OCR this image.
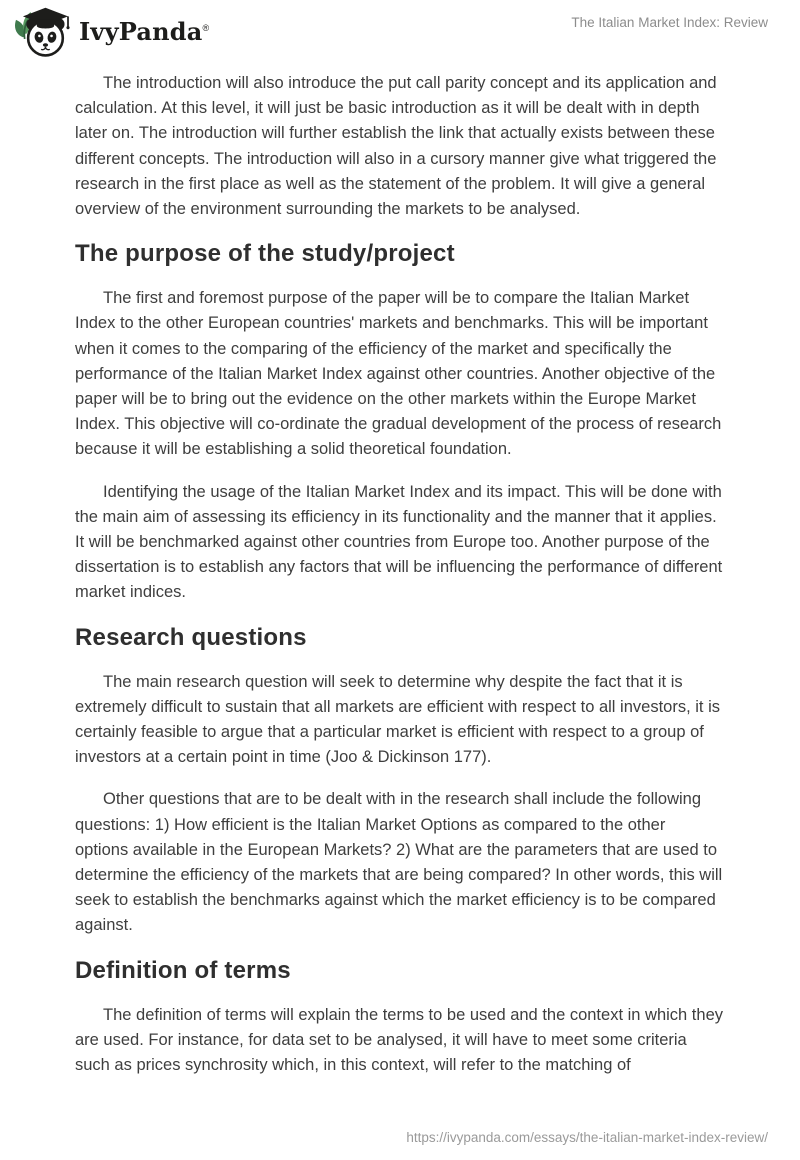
IvyPanda®	The Italian Market Index: Review

The introduction will also introduce the put call parity concept and its application and calculation. At this level, it will just be basic introduction as it will be dealt with in depth later on. The introduction will further establish the link that actually exists between these different concepts. The introduction will also in a cursory manner give what triggered the research in the first place as well as the statement of the problem. It will give a general overview of the environment surrounding the markets to be analysed.

The purpose of the study/project

The first and foremost purpose of the paper will be to compare the Italian Market Index to the other European countries' markets and benchmarks. This will be important when it comes to the comparing of the efficiency of the market and specifically the performance of the Italian Market Index against other countries. Another objective of the paper will be to bring out the evidence on the other markets within the Europe Market Index. This objective will co-ordinate the gradual development of the process of research because it will be establishing a solid theoretical foundation.

Identifying the usage of the Italian Market Index and its impact. This will be done with the main aim of assessing its efficiency in its functionality and the manner that it applies. It will be benchmarked against other countries from Europe too. Another purpose of the dissertation is to establish any factors that will be influencing the performance of different market indices.

Research questions

The main research question will seek to determine why despite the fact that it is extremely difficult to sustain that all markets are efficient with respect to all investors, it is certainly feasible to argue that a particular market is efficient with respect to a group of investors at a certain point in time (Joo & Dickinson 177).

Other questions that are to be dealt with in the research shall include the following questions: 1) How efficient is the Italian Market Options as compared to the other options available in the European Markets? 2) What are the parameters that are used to determine the efficiency of the markets that are being compared? In other words, this will seek to establish the benchmarks against which the market efficiency is to be compared against.

Definition of terms

The definition of terms will explain the terms to be used and the context in which they are used. For instance, for data set to be analysed, it will have to meet some criteria such as prices synchrosity which, in this context, will refer to the matching of

https://ivypanda.com/essays/the-italian-market-index-review/
